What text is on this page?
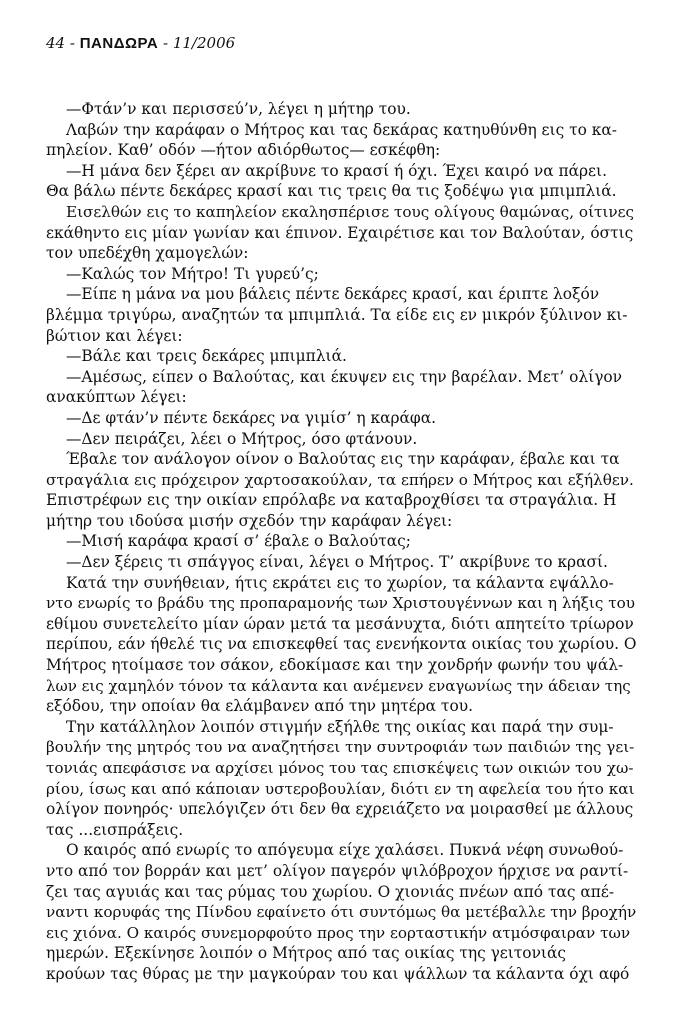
44 - ΠΑΝΔΩΡΑ - 11/2006

—Φτάν’ν και περισσεύ’ν, λέγει η μήτηρ του.

Λαβών την καράφαν ο Μήτρος και τας δεκάρας κατηυθύνθη εις το κα-

πηλείον. Καθ’ οδόν —ήτον αδιόρθωτος— εσκέφθη:

—Η μάνα δεν ξέρει αν ακρίβυνε το κρασί ή όχι. Έχει καιρό να πάρει.

Θα βάλω πέντε δεκάρες κρασί και τις τρεις θα τις ξοδέψω για μπιμπλιά.

Εισελθών εις το καπηλείον εκαλησπέρισε τους ολίγους θαμώνας, οίτινες

εκάθηντο εις μίαν γωνίαν και έπινον. Εχαιρέτισε και τον Βαλούταν, όστις

τον υπεδέχθη χαμογελών:

—Καλώς τον Μήτρο! Τι γυρεύ’ς;

—Είπε η μάνα να μου βάλεις πέντε δεκάρες κρασί, και έριπτε λοξόν

βλέμμα τριγύρω, αναζητών τα μπιμπλιά. Τα είδε εις εν μικρόν ξύλινον κι-

βώτιον και λέγει:

—Βάλε και τρεις δεκάρες μπιμπλιά.

—Αμέσως, είπεν ο Βαλούτας, και έκυψεν εις την βαρέλαν. Μετ’ ολίγον

ανακύπτων λέγει:

—Δε φτάν’ν πέντε δεκάρες να γιμίσ’ η καράφα.

—Δεν πειράζει, λέει ο Μήτρος, όσο φτάνουν.

Έβαλε τον ανάλογον οίνον ο Βαλούτας εις την καράφαν, έβαλε και τα

στραγάλια εις πρόχειρον χαρτοσακούλαν, τα επήρεν ο Μήτρος και εξήλθεν.

Επιστρέφων εις την οικίαν επρόλαβε να καταβροχθίσει τα στραγάλια. Η

μήτηρ του ιδούσα μισήν σχεδόν την καράφαν λέγει:

—Μισή καράφα κρασί σ’ έβαλε ο Βαλούτας;

—Δεν ξέρεις τι σπάγγος είναι, λέγει ο Μήτρος. Τ’ ακρίβυνε το κρασί.

Κατά την συνήθειαν, ήτις εκράτει εις το χωρίον, τα κάλαντα εψάλλο-

ντο ενωρίς το βράδυ της προπαραμονής των Χριστουγέννων και η λήξις του

εθίμου συνετελείτο μίαν ώραν μετά τα μεσάνυχτα, διότι απητείτο τρίωρον

περίπου, εάν ήθελέ τις να επισκεφθεί τας ενενήκοντα οικίας του χωρίου. Ο

Μήτρος ητοίμασε τον σάκον, εδοκίμασε και την χονδρήν φωνήν του ψάλ-

λων εις χαμηλόν τόνον τα κάλαντα και ανέμενεν εναγωνίως την άδειαν της

εξόδου, την οποίαν θα ελάμβανεν από την μητέρα του.

Την κατάλληλον λοιπόν στιγμήν εξήλθε της οικίας και παρά την συμ-

βουλήν της μητρός του να αναζητήσει την συντροφιάν των παιδιών της γει-

τονιάς απεφάσισε να αρχίσει μόνος του τας επισκέψεις των οικιών του χω-

ρίου, ίσως και από κάποιαν υστεροβουλίαν, διότι εν τη αφελεία του ήτο και

ολίγον πονηρός· υπελόγιζεν ότι δεν θα εχρειάζετο να μοιρασθεί με άλλους

τας ...εισπράξεις.

Ο καιρός από ενωρίς το απόγευμα είχε χαλάσει. Πυκνά νέφη συνωθού-

ντο από τον βορράν και μετ’ ολίγον παγερόν ψιλόβροχον ήρχισε να ραντί-

ζει τας αγυιάς και τας ρύμας του χωρίου. Ο χιονιάς πνέων από τας απέ-

ναντι κορυφάς της Πίνδου εφαίνετο ότι συντόμως θα μετέβαλλε την βροχήν

εις χιόνα. Ο καιρός συνεμορφούτο προς την εορταστικήν ατμόσφαιραν των

ημερών. Εξεκίνησε λοιπόν ο Μήτρος από τας οικίας της γειτονιάς

κρούων τας θύρας με την μαγκούραν του και ψάλλων τα κάλαντα όχι αφό
